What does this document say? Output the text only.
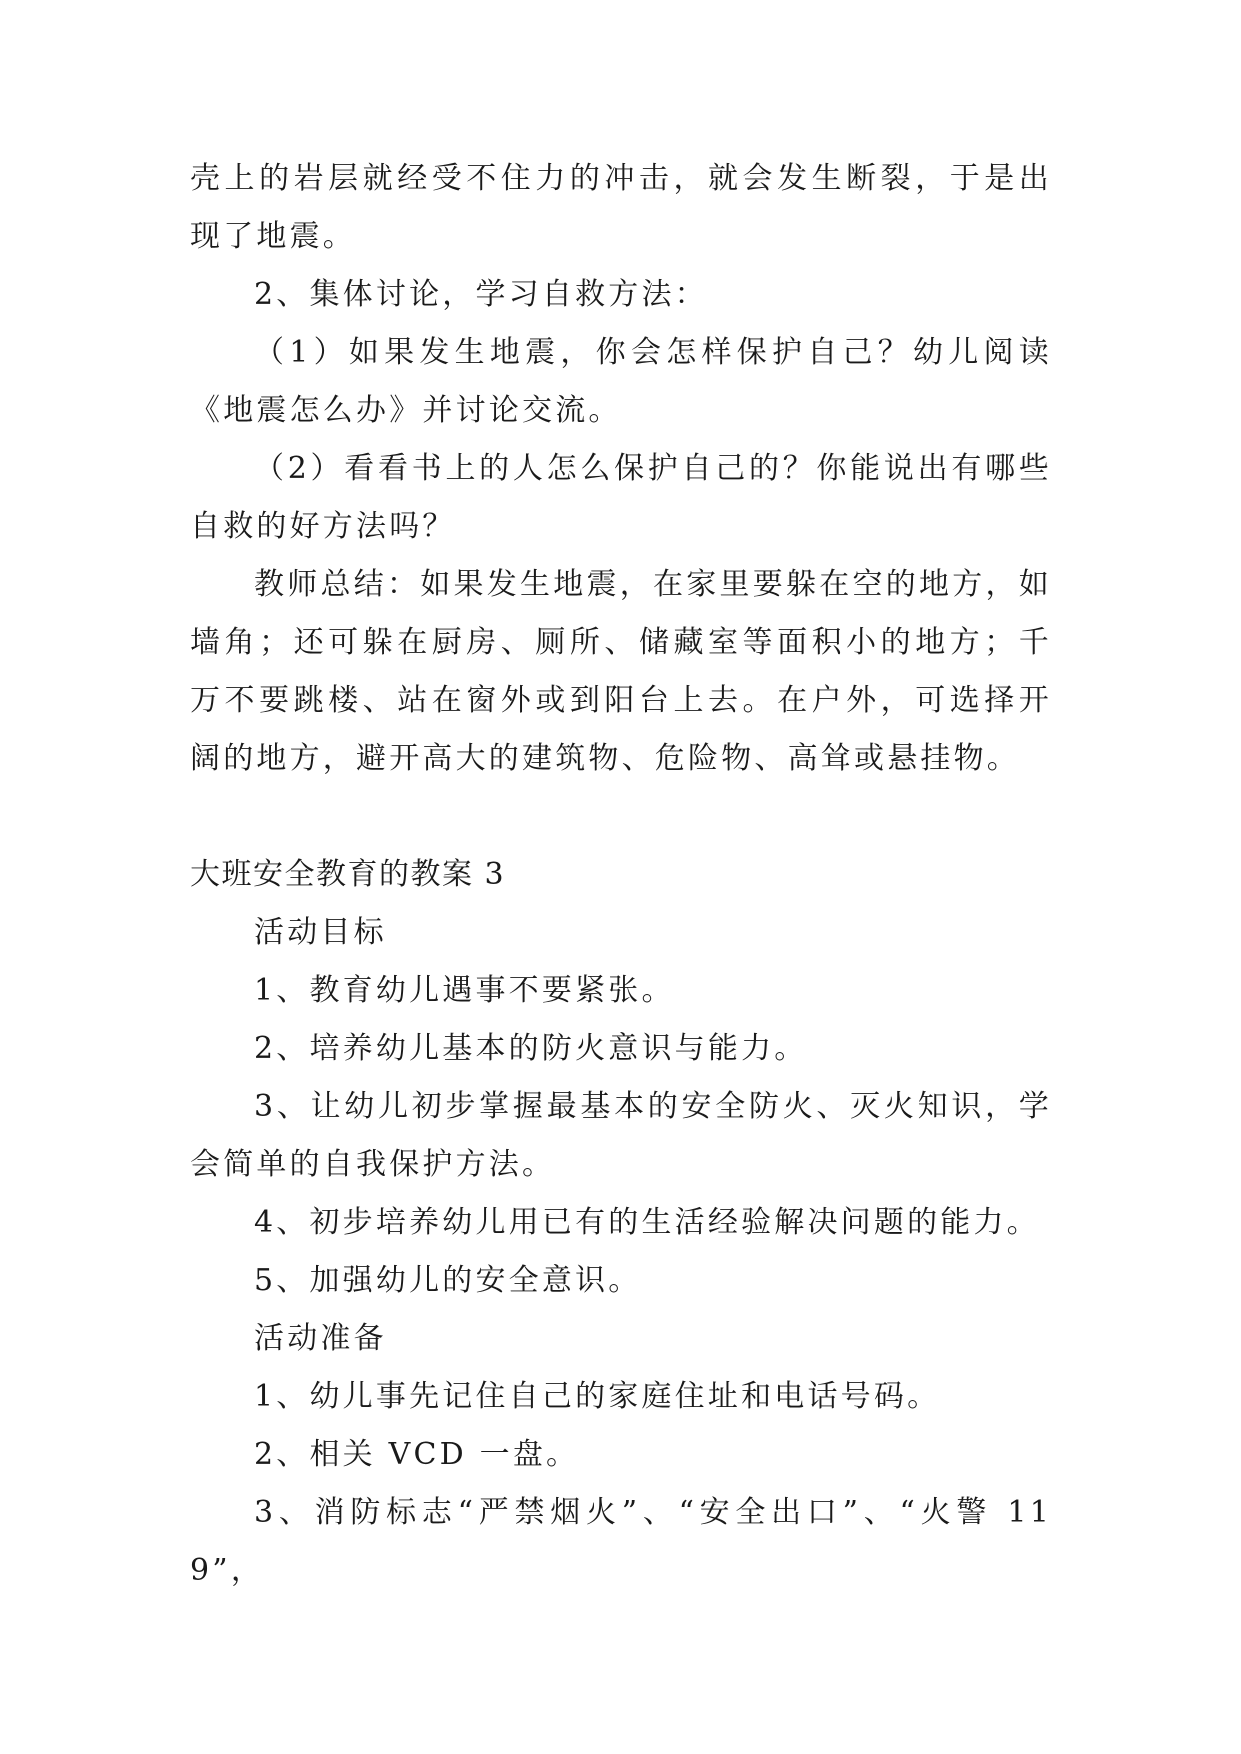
壳上的岩层就经受不住力的冲击，就会发生断裂，于是出现了地震。

2、集体讨论，学习自救方法：

（1）如果发生地震，你会怎样保护自己？幼儿阅读《地震怎么办》并讨论交流。

（2）看看书上的人怎么保护自己的？你能说出有哪些自救的好方法吗？

教师总结：如果发生地震，在家里要躲在空的地方，如墙角；还可躲在厨房、厕所、储藏室等面积小的地方；千万不要跳楼、站在窗外或到阳台上去。在户外，可选择开阔的地方，避开高大的建筑物、危险物、高耸或悬挂物。

大班安全教育的教案 3

活动目标

1、教育幼儿遇事不要紧张。

2、培养幼儿基本的防火意识与能力。

3、让幼儿初步掌握最基本的安全防火、灭火知识，学会简单的自我保护方法。

4、初步培养幼儿用已有的生活经验解决问题的能力。

5、加强幼儿的安全意识。

活动准备

1、幼儿事先记住自己的家庭住址和电话号码。

2、相关 VCD 一盘。

3、消防标志“严禁烟火”、“安全出口”、“火警 119”，
